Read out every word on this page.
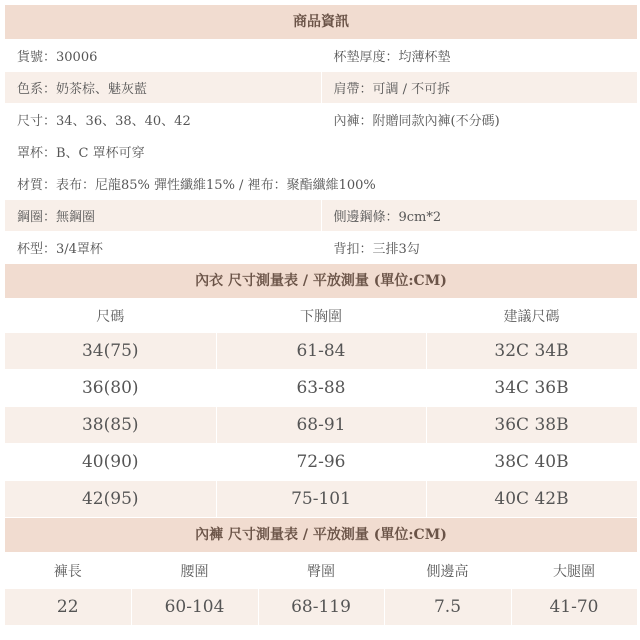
商品資訊
貨號：30006	杯墊厚度：均薄杯墊
色系：奶茶棕、魅灰藍	肩帶：可調 / 不可拆
尺寸：34、36、38、40、42	內褲：附贈同款內褲(不分碼)
罩杯：B、C 罩杯可穿	
材質：表布：尼龍85% 彈性纖維15% / 裡布：聚酯纖維100%	
鋼圈：無鋼圈	側邊鋼條：9cm*2
杯型：3/4罩杯	背扣：三排3勾
內衣 尺寸測量表 / 平放測量 (單位:CM)
尺碼	下胸圍	建議尺碼
34(75)	61-84	32C 34B
36(80)	63-88	34C 36B
38(85)	68-91	36C 38B
40(90)	72-96	38C 40B
42(95)	75-101	40C 42B
內褲 尺寸測量表 / 平放測量 (單位:CM)
褲長	腰圍	臀圍	側邊高	大腿圍
22	60-104	68-119	7.5	41-70
